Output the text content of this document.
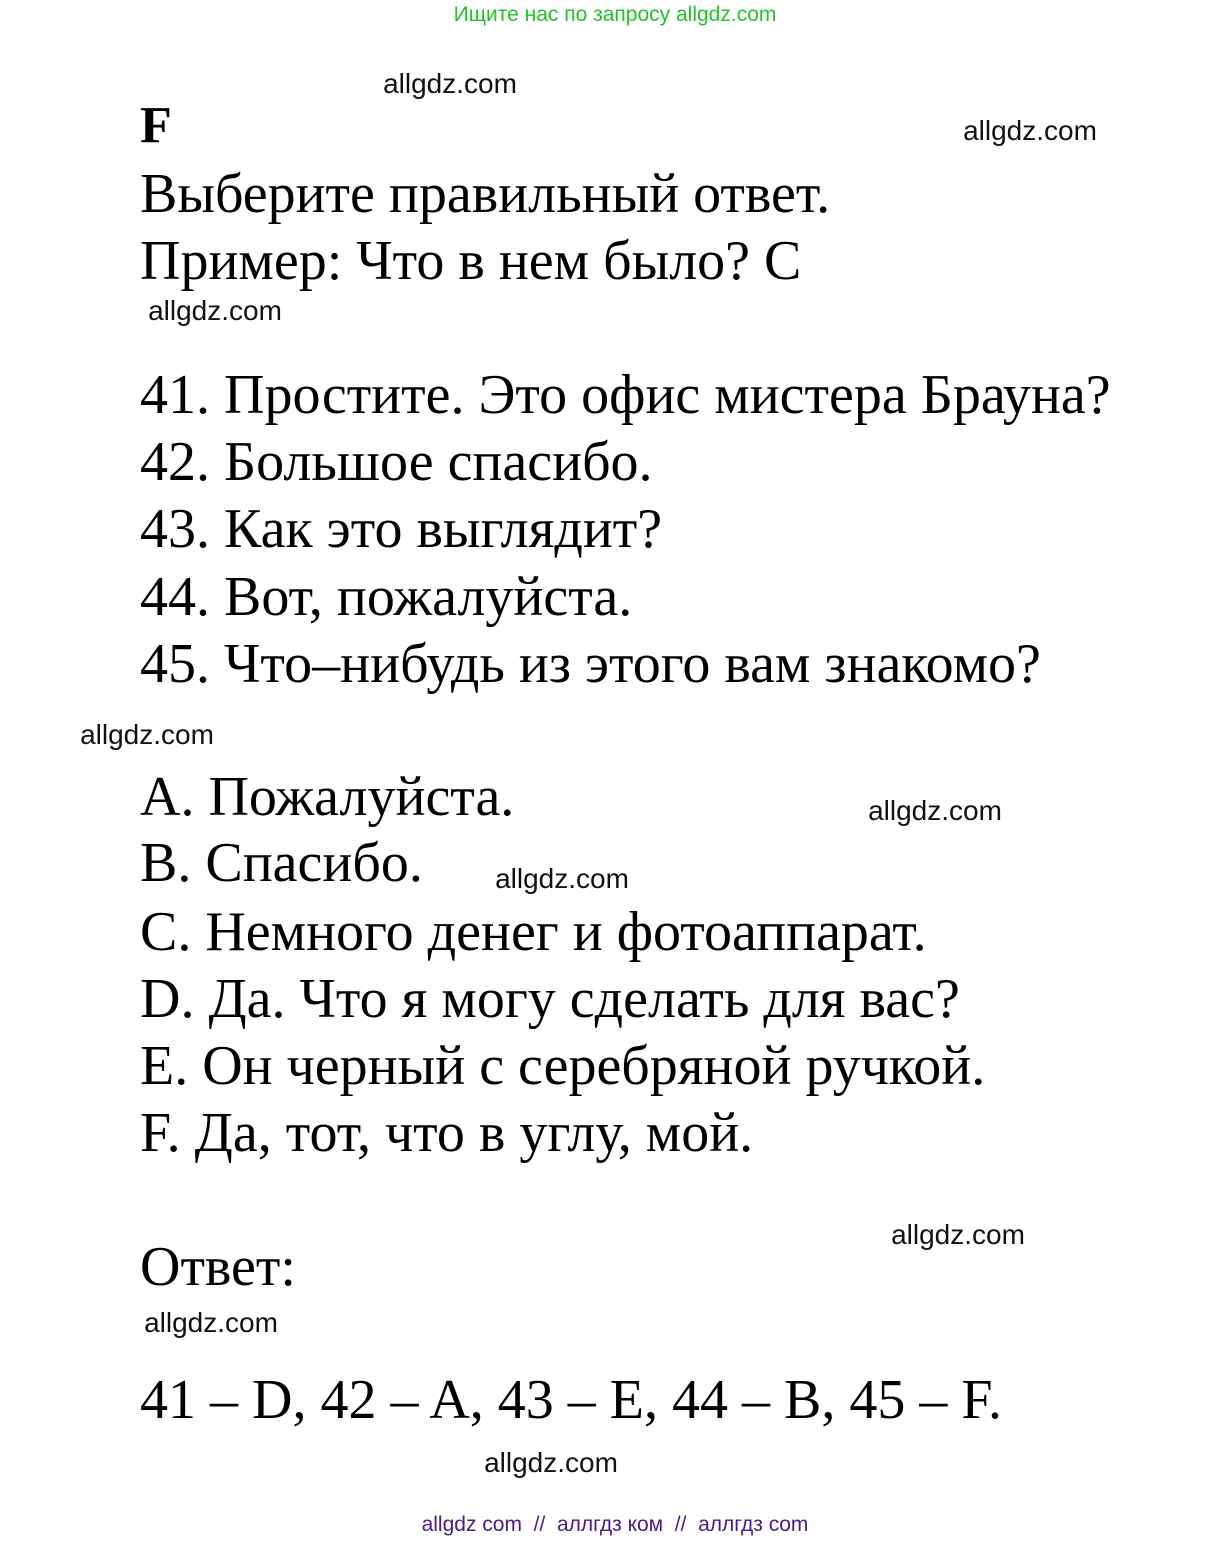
Ищите нас по запросу allgdz.com
F
Выберите правильный ответ.
Пример: Что в нем было? С
41. Простите. Это офис мистера Брауна?
42. Большое спасибо.
43. Как это выглядит?
44. Вот, пожалуйста.
45. Что–нибудь из этого вам знакомо?
A. Пожалуйста.
B. Спасибо.
C. Немного денег и фотоаппарат.
D. Да. Что я могу сделать для вас?
E. Он черный с серебряной ручкой.
F. Да, тот, что в углу, мой.
Ответ:
41 – D, 42 – A, 43 – E, 44 – B, 45 – F.
allgdz.com
allgdz.com
allgdz.com
allgdz.com
allgdz.com
allgdz.com
allgdz.com
allgdz.com
allgdz.com
allgdz com  //  аллгдз ком  //  аллгдз com
